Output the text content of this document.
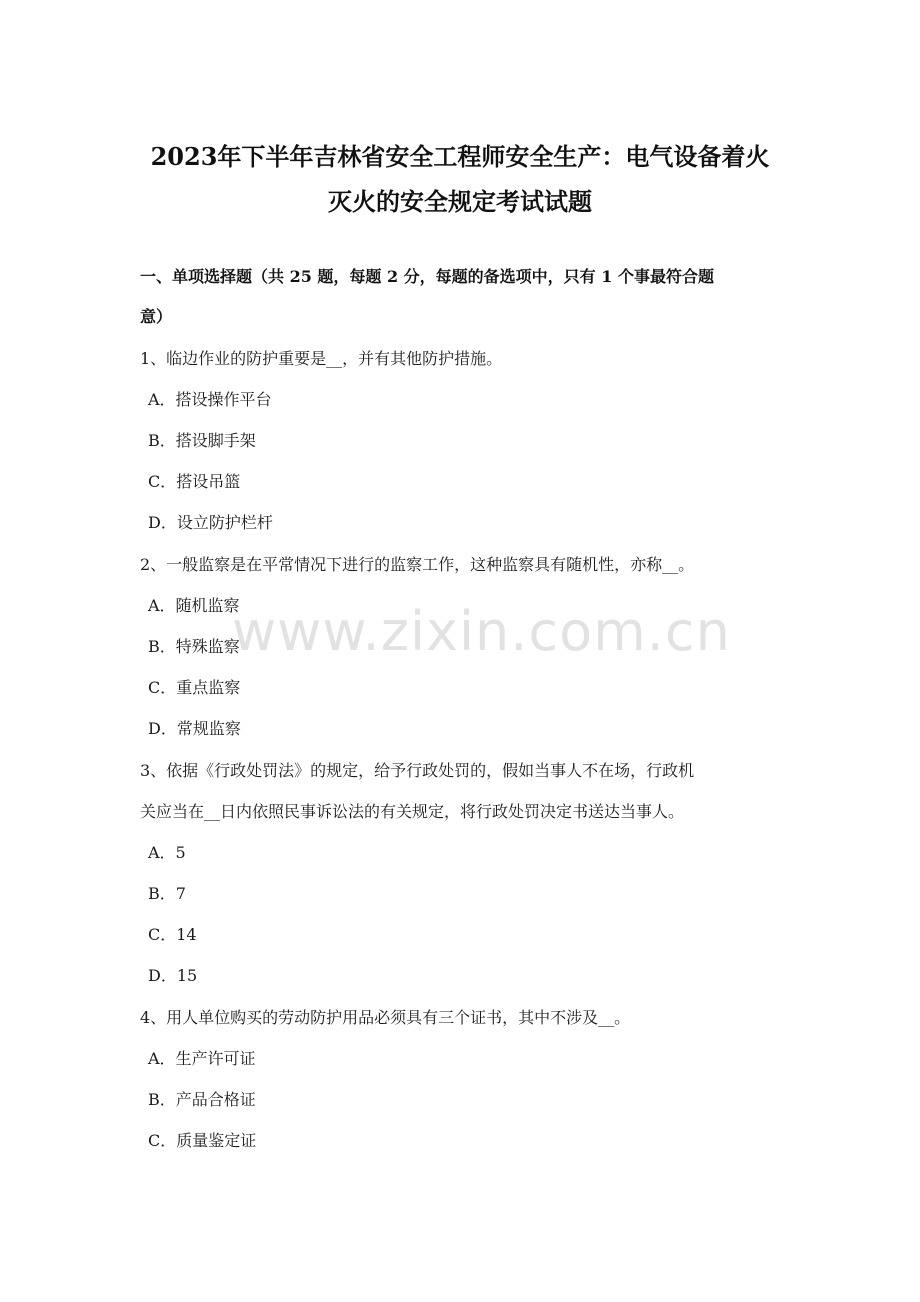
2023年下半年吉林省安全工程师安全生产：电气设备着火
灭火的安全规定考试试题
一、单项选择题（共 25 题，每题 2 分，每题的备选项中，只有 1 个事最符合题
意）
1、临边作业的防护重要是__，并有其他防护措施。
A．搭设操作平台
B．搭设脚手架
C．搭设吊篮
D．设立防护栏杆
2、一般监察是在平常情况下进行的监察工作，这种监察具有随机性，亦称__。
A．随机监察
B．特殊监察
C．重点监察
D．常规监察
3、依据《行政处罚法》的规定，给予行政处罚的，假如当事人不在场，行政机
关应当在__日内依照民事诉讼法的有关规定，将行政处罚决定书送达当事人。
A．5
B．7
C．14
D．15
4、用人单位购买的劳动防护用品必须具有三个证书，其中不涉及__。
A．生产许可证
B．产品合格证
C．质量鉴定证
www.zixin.com.cn
